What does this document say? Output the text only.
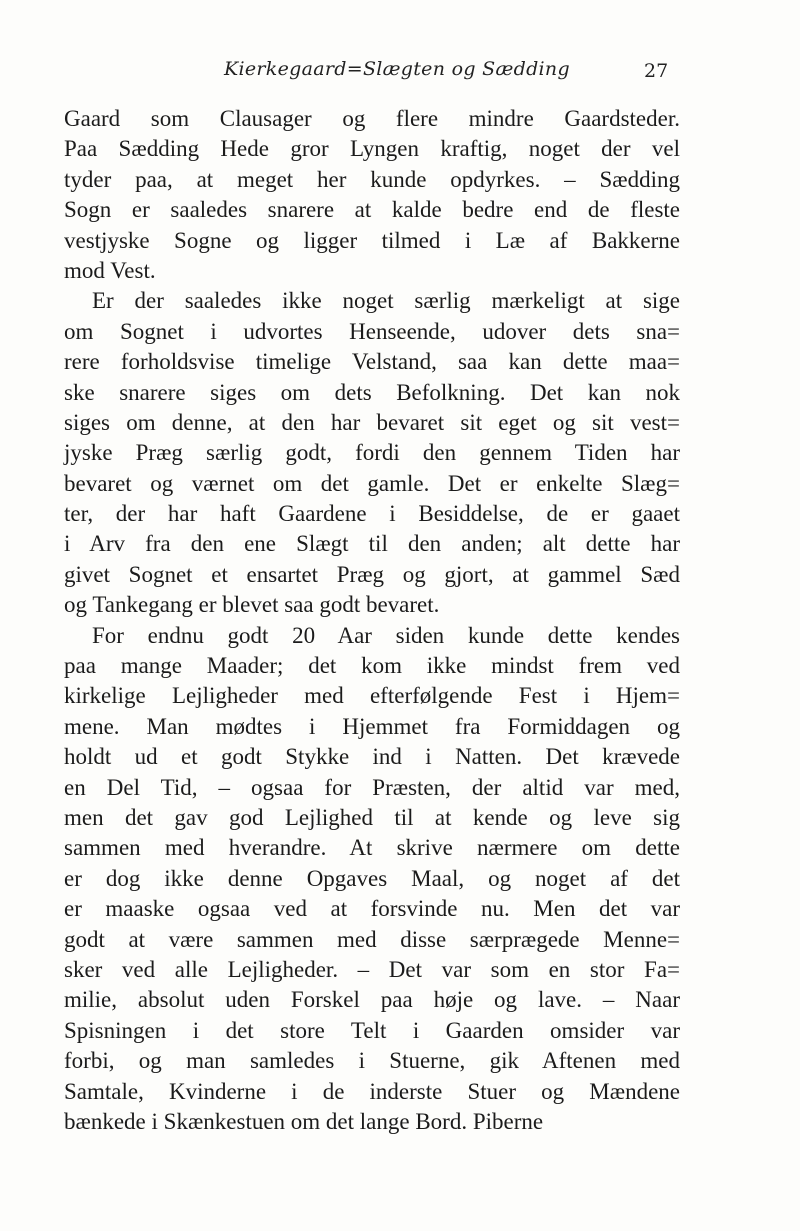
Kierkegaard=Slægten og Sædding	27
Gaard som Clausager og flere mindre Gaardsteder.
Paa Sædding Hede gror Lyngen kraftig, noget der vel
tyder paa, at meget her kunde opdyrkes. – Sædding
Sogn er saaledes snarere at kalde bedre end de fleste
vestjyske Sogne og ligger tilmed i Læ af Bakkerne
mod Vest.
Er der saaledes ikke noget særlig mærkeligt at sige
om Sognet i udvortes Henseende, udover dets sna=
rere forholdsvise timelige Velstand, saa kan dette maa=
ske snarere siges om dets Befolkning. Det kan nok
siges om denne, at den har bevaret sit eget og sit vest=
jyske Præg særlig godt, fordi den gennem Tiden har
bevaret og værnet om det gamle. Det er enkelte Slæg=
ter, der har haft Gaardene i Besiddelse, de er gaaet
i Arv fra den ene Slægt til den anden; alt dette har
givet Sognet et ensartet Præg og gjort, at gammel Sæd
og Tankegang er blevet saa godt bevaret.
For endnu godt 20 Aar siden kunde dette kendes
paa mange Maader; det kom ikke mindst frem ved
kirkelige Lejligheder med efterfølgende Fest i Hjem=
mene. Man mødtes i Hjemmet fra Formiddagen og
holdt ud et godt Stykke ind i Natten. Det krævede
en Del Tid, – ogsaa for Præsten, der altid var med,
men det gav god Lejlighed til at kende og leve sig
sammen med hverandre. At skrive nærmere om dette
er dog ikke denne Opgaves Maal, og noget af det
er maaske ogsaa ved at forsvinde nu. Men det var
godt at være sammen med disse særprægede Menne=
sker ved alle Lejligheder. – Det var som en stor Fa=
milie, absolut uden Forskel paa høje og lave. – Naar
Spisningen i det store Telt i Gaarden omsider var
forbi, og man samledes i Stuerne, gik Aftenen med
Samtale, Kvinderne i de inderste Stuer og Mændene
bænkede i Skænkestuen om det lange Bord. Piberne
